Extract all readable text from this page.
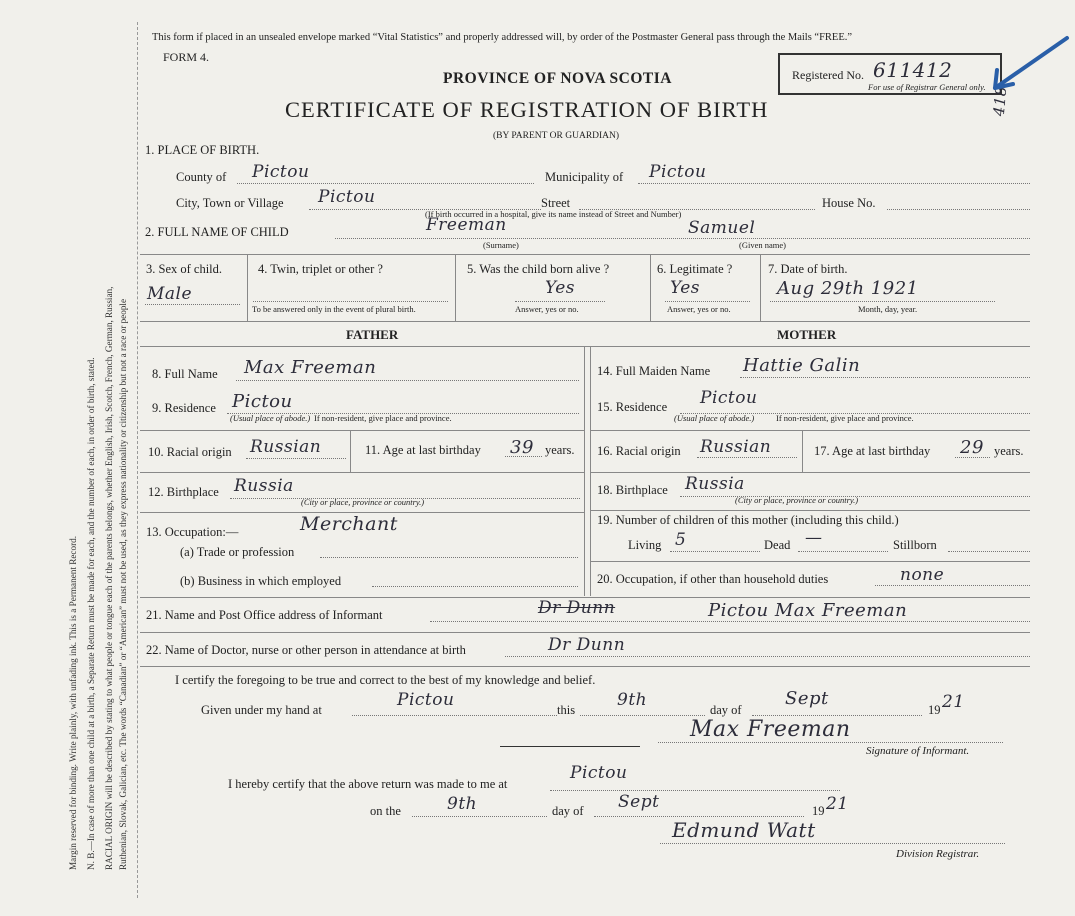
Margin reserved for binding. Write plainly, with unfading ink. This is a Permanent Record. N. B.—In case of more than one child at a birth, a Separate Return must be made for each, and the number of each, in order of birth, stated. RACIAL ORIGIN will be described by stating to what people or tongue each of the parents belongs, whether English, Irish, Scotch, French, German, Russian, Ruthenian, Slovak, Galician, etc. The words “Canadian” or “American” must not be used, as they express nationality or citizenship but not a race or people
This form if placed in an unsealed envelope marked “Vital Statistics” and properly addressed will, by order of the Postmaster General pass through the Mails “FREE.”
FORM 4.
Registered No. 611412
For use of Registrar General only. 418
PROVINCE OF NOVA SCOTIA
CERTIFICATE OF REGISTRATION OF BIRTH
(BY PARENT OR GUARDIAN)
1. PLACE OF BIRTH.
County of Pictou	Municipality of Pictou
City, Town or Village Pictou	Street	House No.
(If birth occurred in a hospital, give its name instead of Street and Number)
2. FULL NAME OF CHILD	Freeman
(Surname)
Samuel
(Given name)
3. Sex of child.
Male
4. Twin, triplet or other ?
To be answered only in the event of plural birth.
5. Was the child born alive ?
Yes
Answer, yes or no.
6. Legitimate ?
Yes
Answer, yes or no.
7. Date of birth.
Aug 29th 1921
Month, day, year.
FATHER	MOTHER
8. Full Name Max Freeman
9. Residence Pictou
(Usual place of abode.) If non-resident, give place and province.
10. Racial origin Russian	11. Age at last birthday 39 years.
12. Birthplace Russia
(City or place, province or country.)
13. Occupation:—	Merchant
(a) Trade or profession
(b) Business in which employed
14. Full Maiden Name Hattie Galin
15. Residence Pictou
(Usual place of abode.)	If non-resident, give place and province.
16. Racial origin Russian	17. Age at last birthday 29 years.
18. Birthplace Russia
(City or place, province or country.)
19. Number of children of this mother (including this child.)
Living 5	Dead —	Stillborn
20. Occupation, if other than household duties	none
21. Name and Post Office address of Informant	Dr Dunn	Pictou Max Freeman
22. Name of Doctor, nurse or other person in attendance at birth	Dr Dunn
I certify the foregoing to be true and correct to the best of my knowledge and belief.
Given under my hand at	Pictou	this 9th	day of
Sept
19 21
Max Freeman
Signature of Informant.
I hereby certify that the above return was made to me at
Pictou
on the	9th	day of Sept	19 21
Edmund Watt
Division Registrar.
